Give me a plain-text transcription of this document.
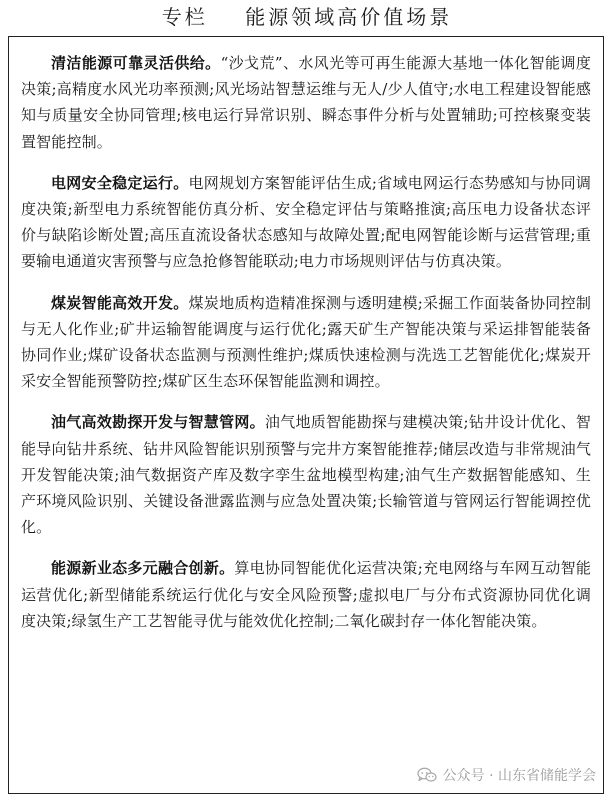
专栏    能源领域高价值场景

清洁能源可靠灵活供给。“沙戈荒”、水风光等可再生能源大基地一体化智能调度决策;高精度水风光功率预测;风光场站智慧运维与无人/少人值守;水电工程建设智能感知与质量安全协同管理;核电运行异常识别、瞬态事件分析与处置辅助;可控核聚变装置智能控制。

电网安全稳定运行。电网规划方案智能评估生成;省域电网运行态势感知与协同调度决策;新型电力系统智能仿真分析、安全稳定评估与策略推演;高压电力设备状态评价与缺陷诊断处置;高压直流设备状态感知与故障处置;配电网智能诊断与运营管理;重要输电通道灾害预警与应急抢修智能联动;电力市场规则评估与仿真决策。

煤炭智能高效开发。煤炭地质构造精准探测与透明建模;采掘工作面装备协同控制与无人化作业;矿井运输智能调度与运行优化;露天矿生产智能决策与采运排智能装备协同作业;煤矿设备状态监测与预测性维护;煤质快速检测与洗选工艺智能优化;煤炭开采安全智能预警防控;煤矿区生态环保智能监测和调控。

油气高效勘探开发与智慧管网。油气地质智能勘探与建模决策;钻井设计优化、智能导向钻井系统、钻井风险智能识别预警与完井方案智能推荐;储层改造与非常规油气开发智能决策;油气数据资产库及数字孪生盆地模型构建;油气生产数据智能感知、生产环境风险识别、关键设备泄露监测与应急处置决策;长输管道与管网运行智能调控优化。

能源新业态多元融合创新。算电协同智能优化运营决策;充电网络与车网互动智能运营优化;新型储能系统运行优化与安全风险预警;虚拟电厂与分布式资源协同优化调度决策;绿氢生产工艺智能寻优与能效优化控制;二氧化碳封存一体化智能决策。

公众号 · 山东省储能学会
